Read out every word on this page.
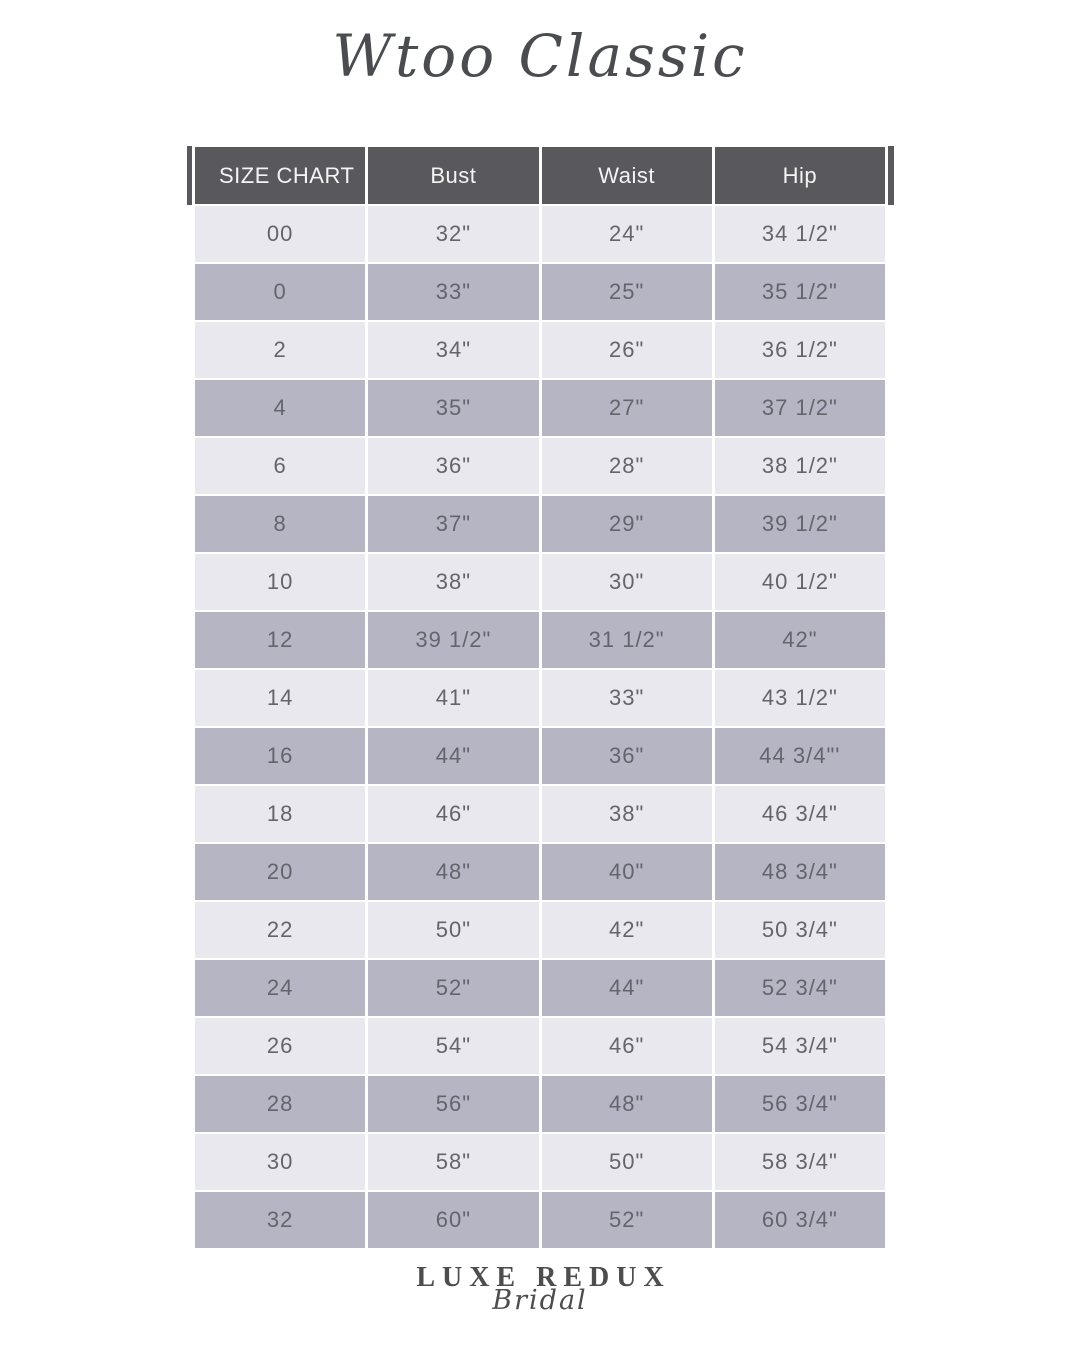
Wtoo Classic
SIZE CHART	Bust	Waist	Hip
00	32"	24"	34 1/2"
0	33"	25"	35 1/2"
2	34"	26"	36 1/2"
4	35"	27"	37 1/2"
6	36"	28"	38 1/2"
8	37"	29"	39 1/2"
10	38"	30"	40 1/2"
12	39 1/2"	31 1/2"	42"
14	41"	33"	43 1/2"
16	44"	36"	44 3/4"'
18	46"	38"	46 3/4"
20	48"	40"	48 3/4"
22	50"	42"	50 3/4"
24	52"	44"	52 3/4"
26	54"	46"	54 3/4"
28	56"	48"	56 3/4"
30	58"	50"	58 3/4"
32	60"	52"	60 3/4"
LUXE REDUX
Bridal
